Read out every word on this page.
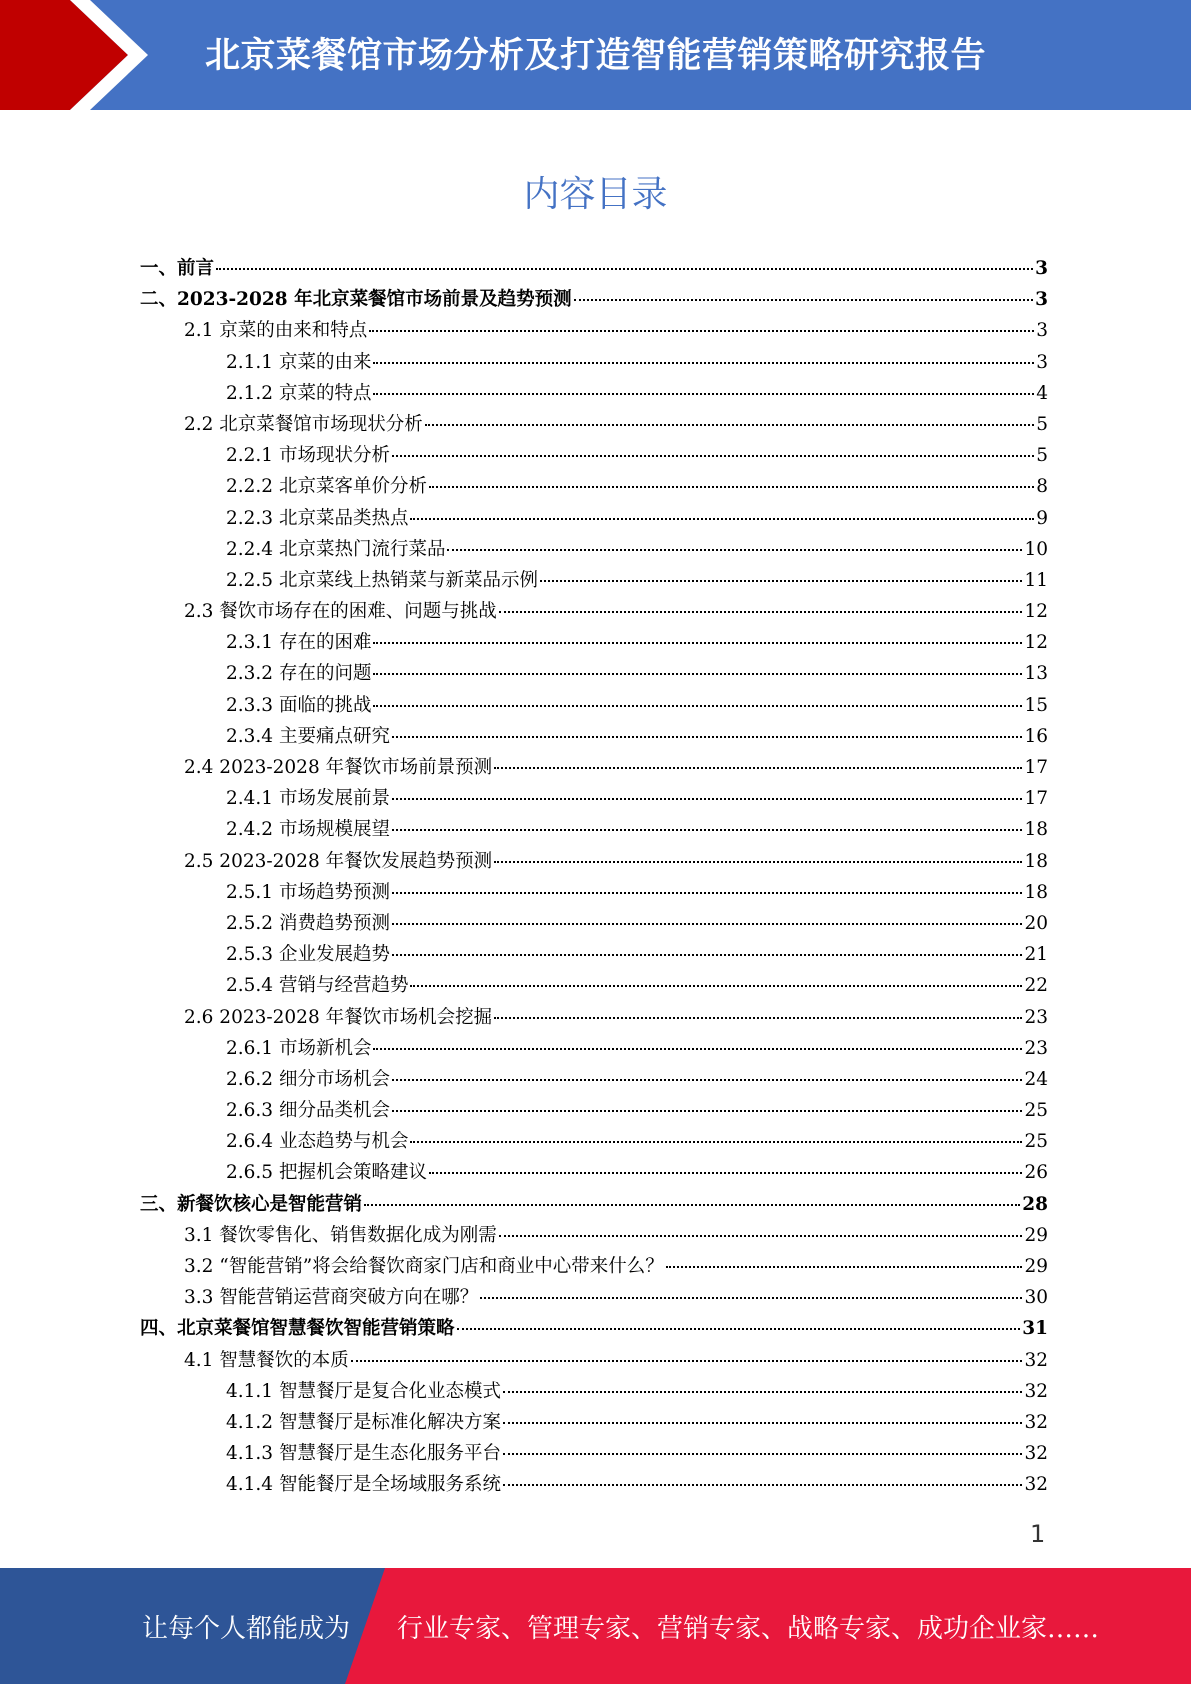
北京菜餐馆市场分析及打造智能营销策略研究报告
内容目录
一、前言	3
二、2023-2028 年北京菜餐馆市场前景及趋势预测	3
2.1 京菜的由来和特点	3
2.1.1 京菜的由来	3
2.1.2 京菜的特点	4
2.2 北京菜餐馆市场现状分析	5
2.2.1 市场现状分析	5
2.2.2 北京菜客单价分析	8
2.2.3 北京菜品类热点	9
2.2.4 北京菜热门流行菜品	10
2.2.5 北京菜线上热销菜与新菜品示例	11
2.3 餐饮市场存在的困难、问题与挑战	12
2.3.1 存在的困难	12
2.3.2 存在的问题	13
2.3.3 面临的挑战	15
2.3.4 主要痛点研究	16
2.4 2023-2028 年餐饮市场前景预测	17
2.4.1 市场发展前景	17
2.4.2 市场规模展望	18
2.5 2023-2028 年餐饮发展趋势预测	18
2.5.1 市场趋势预测	18
2.5.2 消费趋势预测	20
2.5.3 企业发展趋势	21
2.5.4 营销与经营趋势	22
2.6 2023-2028 年餐饮市场机会挖掘	23
2.6.1 市场新机会	23
2.6.2 细分市场机会	24
2.6.3 细分品类机会	25
2.6.4 业态趋势与机会	25
2.6.5 把握机会策略建议	26
三、新餐饮核心是智能营销	28
3.1 餐饮零售化、销售数据化成为刚需	29
3.2 “智能营销”将会给餐饮商家门店和商业中心带来什么？	29
3.3 智能营销运营商突破方向在哪？	30
四、北京菜餐馆智慧餐饮智能营销策略	31
4.1 智慧餐饮的本质	32
4.1.1 智慧餐厅是复合化业态模式	32
4.1.2 智慧餐厅是标准化解决方案	32
4.1.3 智慧餐厅是生态化服务平台	32
4.1.4 智能餐厅是全场域服务系统	32
1
让每个人都能成为 行业专家、管理专家、营销专家、战略专家、成功企业家……
